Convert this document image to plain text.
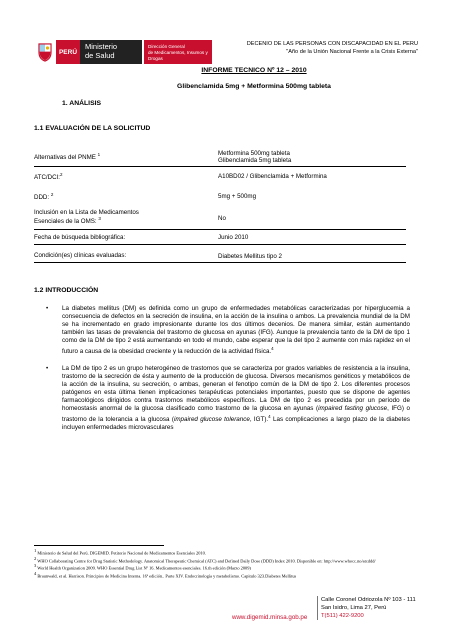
PERÚ
Ministerio
de Salud
Dirección General
de Medicamentos, Insumos y Drogas
DECENIO DE LAS PERSONAS CON DISCAPACIDAD EN EL PERU
"Año de la Unión Nacional Frente a la Crisis Externa"
INFORME TECNICO Nº 12 – 2010
Glibenclamida 5mg + Metformina 500mg tableta
1. ANÁLISIS
1.1 EVALUACIÓN DE LA SOLICITUD
Alternativas del PNME $^1$	Metformina 500mg tableta
Glibenclamida 5mg tableta

ATC/DCI:$^2$	A10BD02 / Glibenclamida + Metformina
DDD: $^2$	5mg + 500mg

Inclusión en la Lista de Medicamentos
Esenciales de la OMS: $^3$	No
Fecha de búsqueda bibliográfica:	Junio 2010
Condición(es) clínicas evaluadas:	Diabetes Mellitus tipo 2
1.2 INTRODUCCIÓN

• La diabetes mellitus (DM) es definida como un grupo de enfermedades metabólicas caracterizadas por hiperglucemia a consecuencia de defectos en la secreción de insulina, en la acción de la insulina o ambos. La prevalencia mundial de la DM se ha incrementado en grado impresionante durante los dos últimos decenios. De manera similar, están aumentando también las tasas de prevalencia del trastorno de glucosa en ayunas (IFG). Aunque la prevalencia tanto de la DM de tipo 1 como de la DM de tipo 2 está aumentando en todo el mundo, cabe esperar que la del tipo 2 aumente con más rapidez en el futuro a causa de la obesidad creciente y la reducción de la actividad física.$^4$

• La DM de tipo 2 es un grupo heterogéneo de trastornos que se caracteriza por grados variables de resistencia a la insulina, trastorno de la secreción de ésta y aumento de la producción de glucosa. Diversos mecanismos genéticos y metabólicos de la acción de la insulina, su secreción, o ambas, generan el fenotipo común de la DM de tipo 2. Los diferentes procesos patógenos en esta última tienen implicaciones terapéuticas potenciales importantes, puesto que se dispone de agentes farmacológicos dirigidos contra trastornos metabólicos específicos. La DM de tipo 2 es precedida por un período de homeostasis anormal de la glucosa clasificado como trastorno de la glucosa en ayunas (impaired fasting glucose, IFG) o trastorno de la tolerancia a la glucosa (impaired glucose tolerance, IGT).$^4$ Las complicaciones a largo plazo de la diabetes incluyen enfermedades microvasculares

$^1$ Ministerio de Salud del Perú. DIGEMID. Petitorio Nacional de Medicamentos Esenciales 2010.
$^2$ WHO Collaborating Centre for Drug Statistic Methodology. Anatomical Therapeutic Chemical (ATC) and Defined Daily Dose (DDD) Index 2010. Disponible en: http://www.whocc.no/atcddd/
$^3$ World Health Organization 2009. WHO Essential Drug List Nº 16. Medicamentos esenciales. 16.th edición (Marzo 2009)
$^4$ Braunwald, et al. Harrison. Principios de Medicina Interna. 16ª edición.. Parte XIV. Endocrinología y metabolismo. Capitulo 323.Diabetes Mellitus
www.digemid.minsa.gob.pe
Calle Coronel Odriozola Nº 103 - 111
San Isidro, Lima 27, Perú
T(511) 422-9200
